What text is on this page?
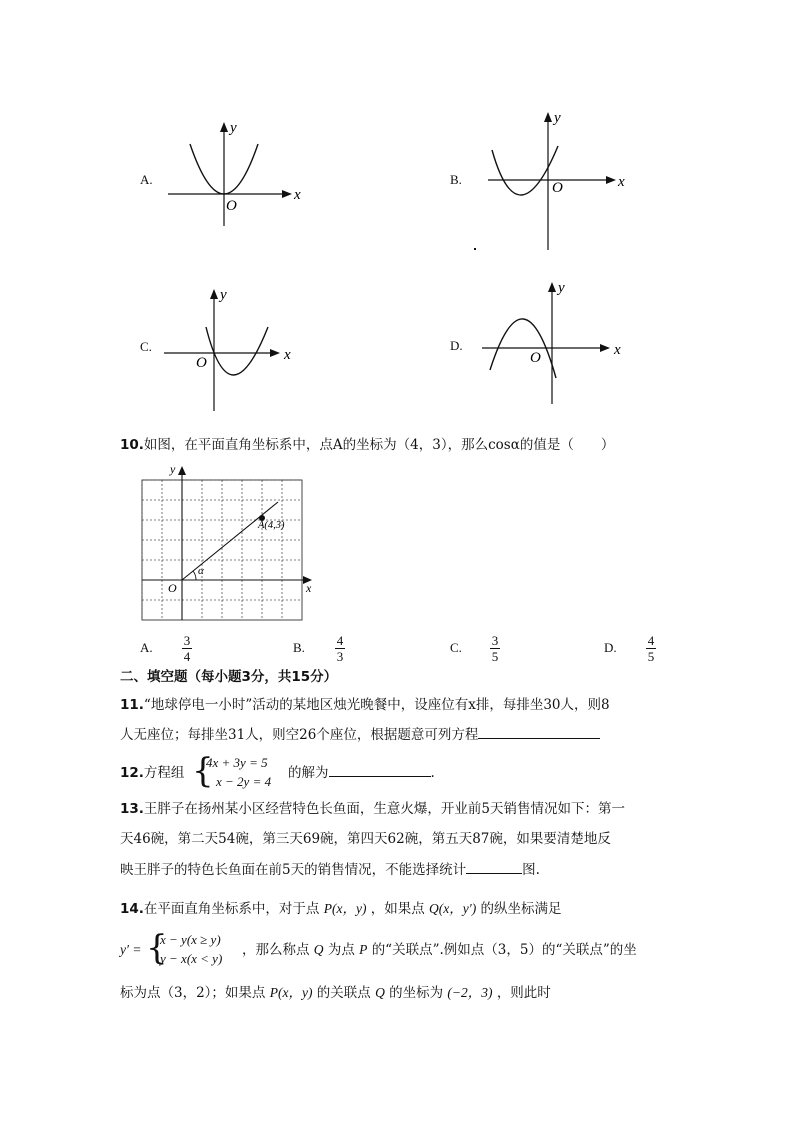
A.
x
y
O
B.	x
y
O
C.
x
y
O
D.	x
y
O
10.如图，在平面直角坐标系中，点A的坐标为（4，3），那么cosα的值是（　　）
A(4,3)
α
O	x
y
A. 3
4
B. 4
3
C. 3
5
D. 4
5
二、填空题（每小题3分，共15分）
11.“地球停电一小时”活动的某地区烛光晚餐中，设座位有x排，每排坐30人，则8
人无座位；每排坐31人，则空26个座位，根据题意可列方程
12.方程组 {
4x + 3y = 5
x − 2y = 4
的解为	.
13.王胖子在扬州某小区经营特色长鱼面，生意火爆，开业前5天销售情况如下：第一
天46碗，第二天54碗，第三天69碗，第四天62碗，第五天87碗，如果要清楚地反
映王胖子的特色长鱼面在前5天的销售情况，不能选择统计	图.
14.在平面直角坐标系中，对于点 P(x，y) ，如果点 Q(x，y′) 的纵坐标满足
y′ = {
x − y(x ≥ y)
y − x(x < y)
，那么称点 Q 为点 P 的“关联点”.例如点（3，5）的“关联点”的坐
标为点（3，2）；如果点 P(x，y) 的关联点 Q 的坐标为 (−2，3) ，则此时
